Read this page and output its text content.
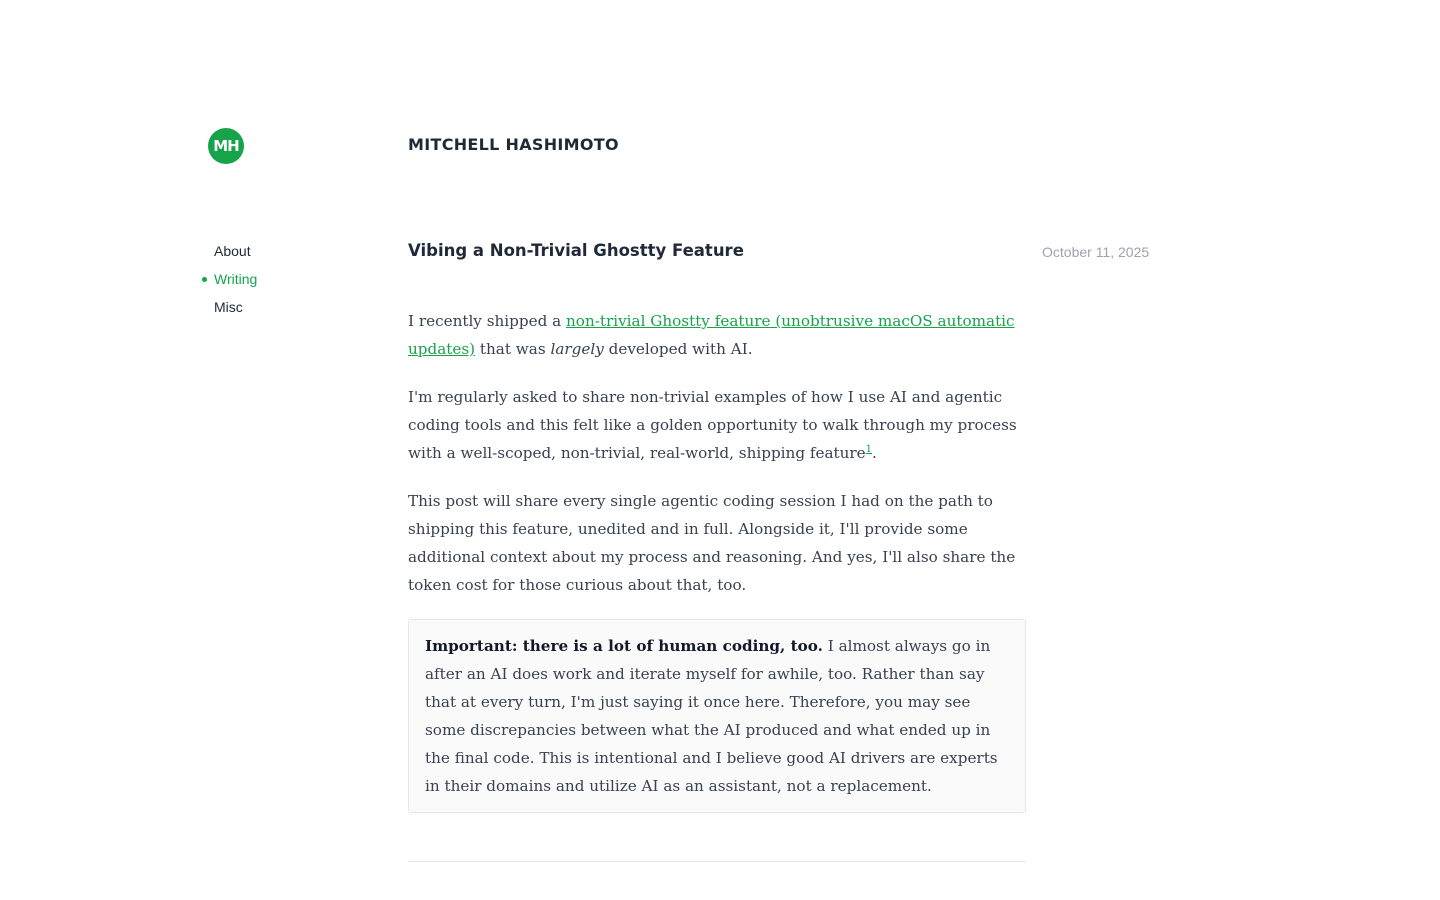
MH	MITCHELL HASHIMOTO
About
Writing
Misc
Vibing a Non-Trivial Ghostty Feature	October 11, 2025

I recently shipped a non-trivial Ghostty feature (unobtrusive macOS automatic updates) that was largely developed with AI.

I'm regularly asked to share non-trivial examples of how I use AI and agentic coding tools and this felt like a golden opportunity to walk through my process with a well-scoped, non-trivial, real-world, shipping feature$^1$.

This post will share every single agentic coding session I had on the path to shipping this feature, unedited and in full. Alongside it, I'll provide some additional context about my process and reasoning. And yes, I'll also share the token cost for those curious about that, too.

Important: there is a lot of human coding, too. I almost always go in after an AI does work and iterate myself for awhile, too. Rather than say that at every turn, I'm just saying it once here. Therefore, you may see some discrepancies between what the AI produced and what ended up in the final code. This is intentional and I believe good AI drivers are experts in their domains and utilize AI as an assistant, not a replacement.
